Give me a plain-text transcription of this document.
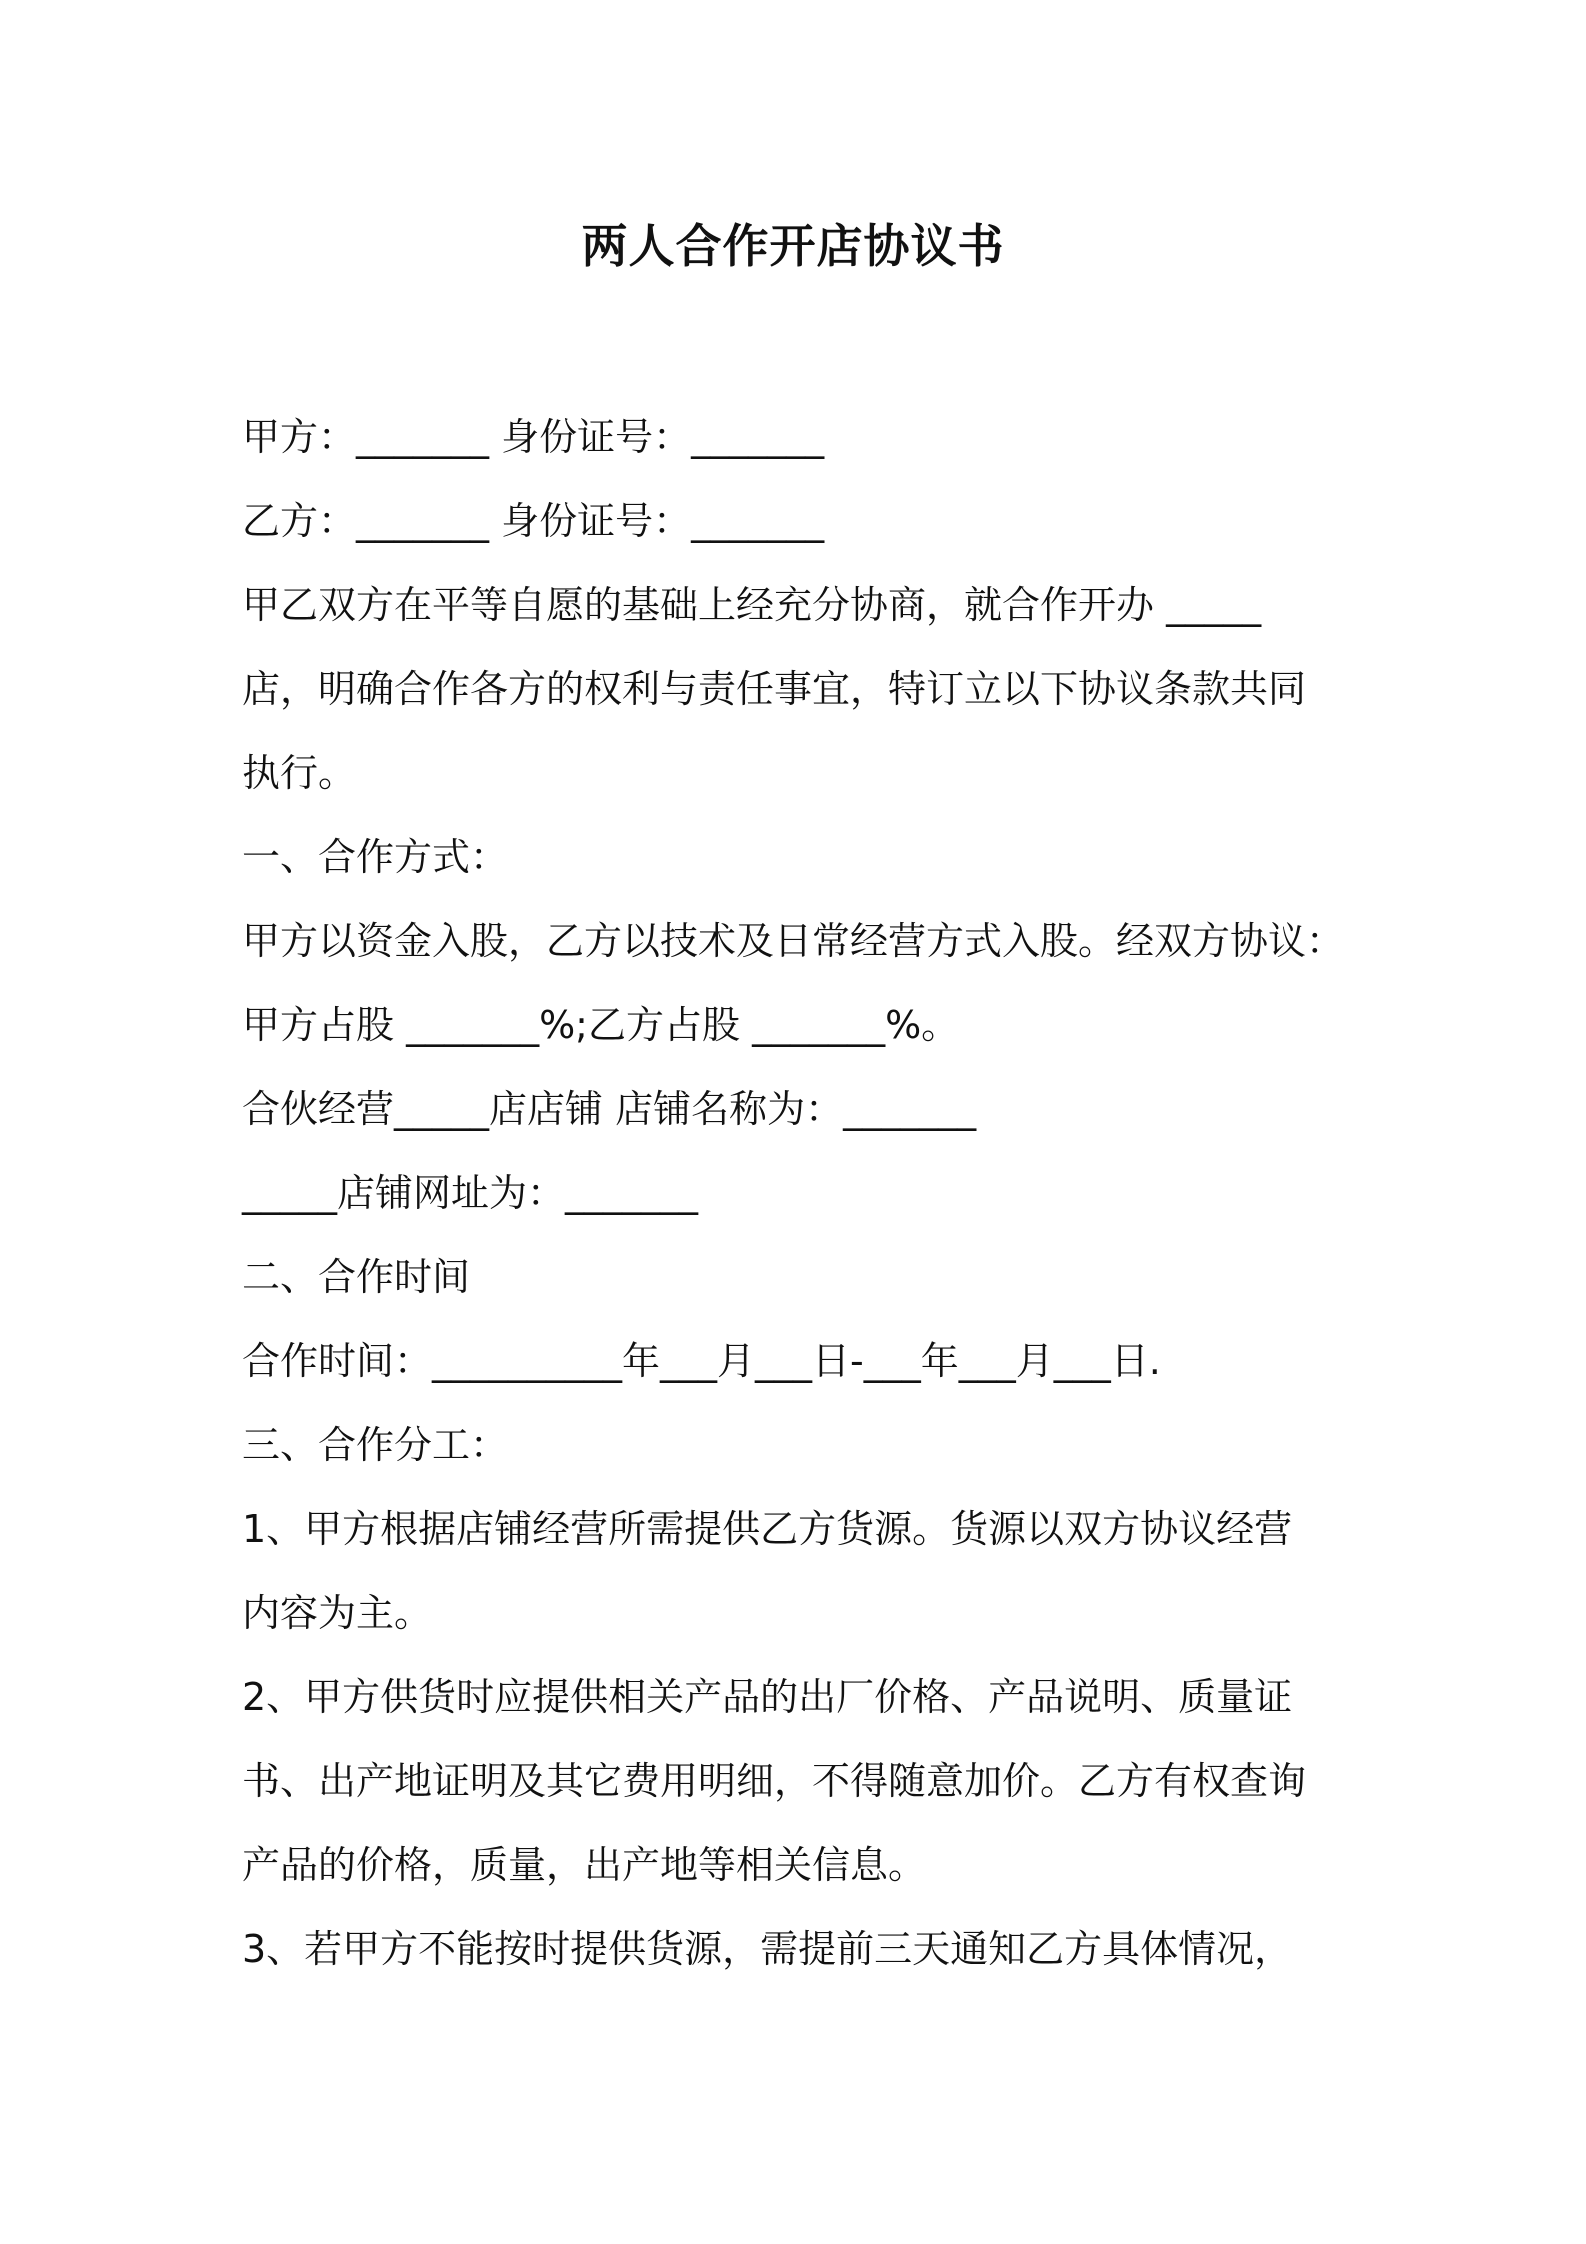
两人合作开店协议书
甲方：_______ 身份证号：_______
乙方：_______ 身份证号：_______
甲乙双方在平等自愿的基础上经充分协商，就合作开办 _____
店，明确合作各方的权利与责任事宜，特订立以下协议条款共同
执行。
一、合作方式：
甲方以资金入股，乙方以技术及日常经营方式入股。经双方协议：
甲方占股 _______%;乙方占股 _______%。
合伙经营_____店店铺 店铺名称为：_______
_____店铺网址为：_______
二、合作时间
合作时间：__________年___月___日-___年___月___日.
三、合作分工：
1、甲方根据店铺经营所需提供乙方货源。货源以双方协议经营
内容为主。
2、甲方供货时应提供相关产品的出厂价格、产品说明、质量证
书、出产地证明及其它费用明细，不得随意加价。乙方有权查询
产品的价格，质量，出产地等相关信息。
3、若甲方不能按时提供货源，需提前三天通知乙方具体情况，
